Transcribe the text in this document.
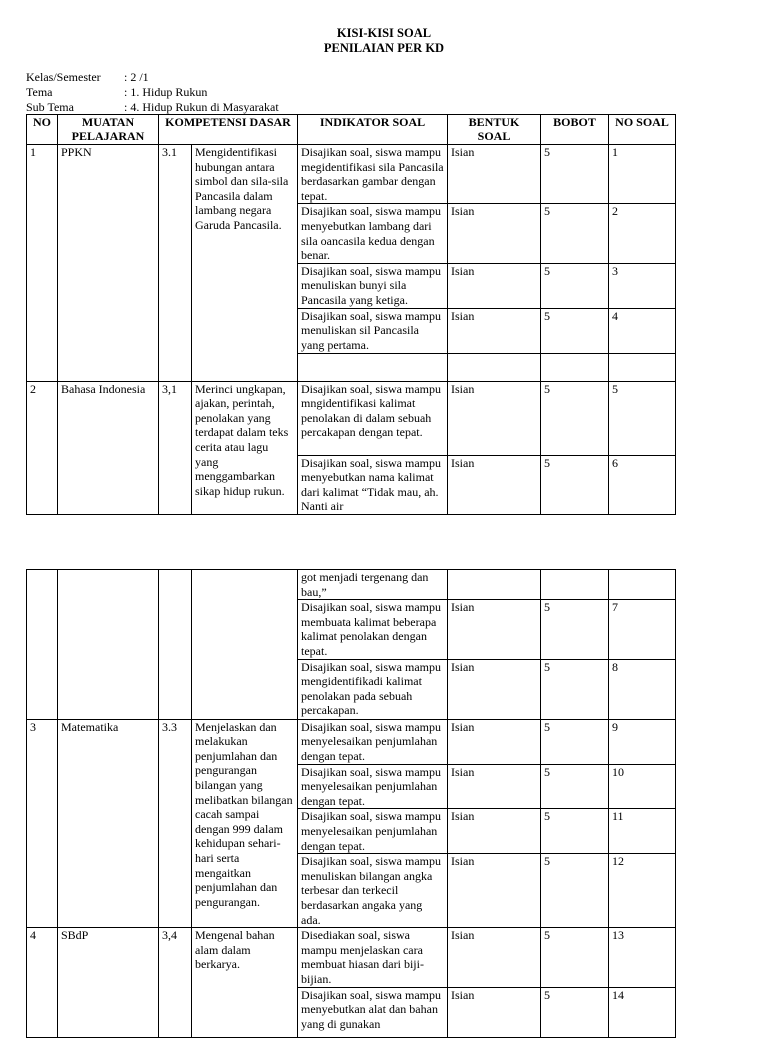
KISI-KISI SOAL
PENILAIAN PER KD
Kelas/Semester : 2 /1
Tema	: 1. Hidup Rukun
Sub Tema	: 4. Hidup Rukun di Masyarakat
NO	MUATAN PELAJARAN	KOMPETENSI DASAR		INDIKATOR SOAL	BENTUK SOAL	BOBOT	NO SOAL
1	PPKN	3.1	Mengidentifikasi hubungan antara simbol dan sila-sila Pancasila dalam lambang negara Garuda Pancasila.	Disajikan soal, siswa mampu megidentifikasi sila Pancasila berdasarkan gambar dengan tepat.	Isian	5	1
				Disajikan soal, siswa mampu menyebutkan lambang dari sila oancasila kedua dengan benar.	Isian	5	2
				Disajikan soal, siswa mampu menuliskan bunyi sila Pancasila yang ketiga.	Isian	5	3
				Disajikan soal, siswa mampu menuliskan sil Pancasila yang pertama.	Isian	5	4

2	Bahasa Indonesia	3,1	Merinci ungkapan, ajakan, perintah, penolakan yang terdapat dalam teks cerita atau lagu yang menggambarkan sikap hidup rukun.	Disajikan soal, siswa mampu mngidentifikasi kalimat penolakan di dalam sebuah percakapan dengan tepat.	Isian	5	5
				Disajikan soal, siswa mampu menyebutkan nama kalimat dari kalimat “Tidak mau, ah. Nanti air	Isian	5	6
				got menjadi tergenang dan bau,”			
				Disajikan soal, siswa mampu membuata kalimat beberapa kalimat penolakan dengan tepat.	Isian	5	7
				Disajikan soal, siswa mampu mengidentifikadi kalimat penolakan pada sebuah percakapan.	Isian	5	8
3	Matematika	3.3	Menjelaskan dan melakukan penjumlahan dan pengurangan bilangan yang melibatkan bilangan cacah sampai dengan 999 dalam kehidupan sehari-hari serta mengaitkan penjumlahan dan pengurangan.	Disajikan soal, siswa mampu menyelesaikan penjumlahan dengan tepat.	Isian	5	9
				Disajikan soal, siswa mampu menyelesaikan penjumlahan dengan tepat.	Isian	5	10
				Disajikan soal, siswa mampu menyelesaikan penjumlahan dengan tepat.	Isian	5	11
				Disajikan soal, siswa mampu menuliskan bilangan angka terbesar dan terkecil berdasarkan angaka yang ada.	Isian	5	12
4	SBdP	3,4	Mengenal bahan alam dalam berkarya.	Disediakan soal, siswa mampu menjelaskan cara membuat hiasan dari biji-bijian.	Isian	5	13
				Disajikan soal, siswa mampu menyebutkan alat dan bahan yang di gunakan	Isian	5	14
